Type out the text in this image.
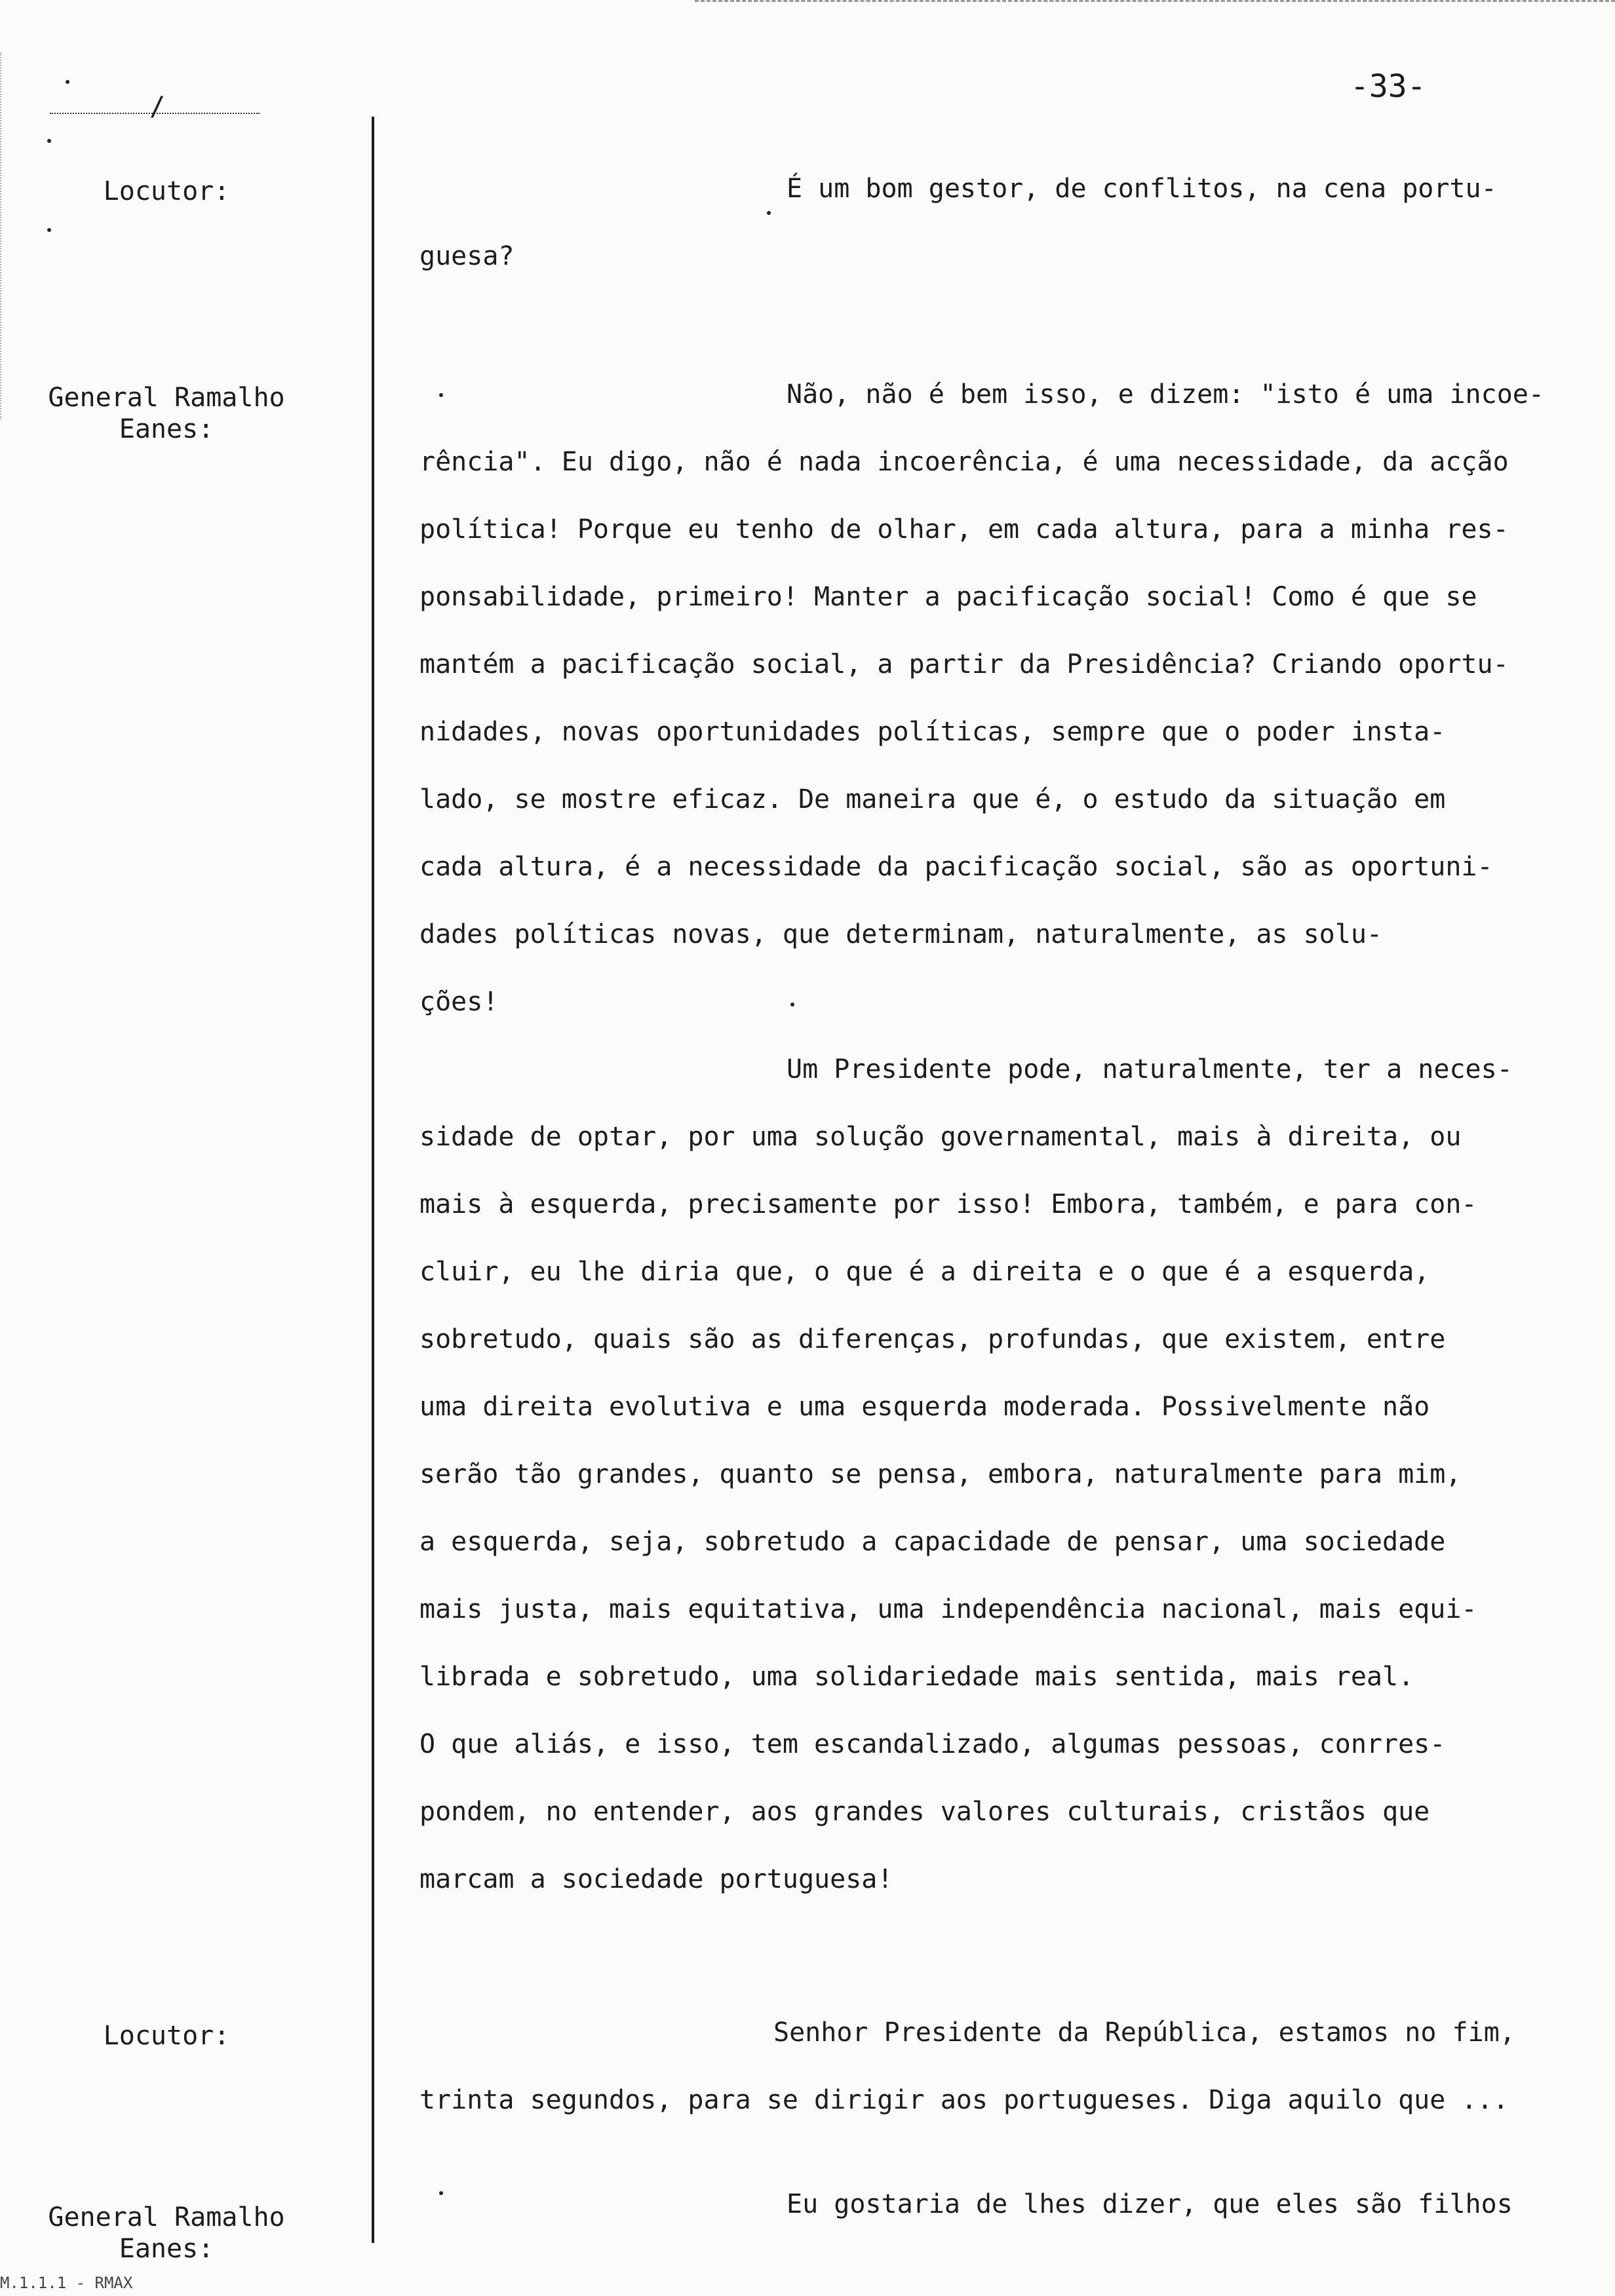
/
-33-
Locutor:
General Ramalho
Eanes:
Locutor:
General Ramalho
Eanes:

É um bom gestor, de conflitos, na cena portu-

guesa?

Não, não é bem isso, e dizem: "isto é uma incoe-

rência". Eu digo, não é nada incoerência, é uma necessidade, da acção

política! Porque eu tenho de olhar, em cada altura, para a minha res-

ponsabilidade, primeiro! Manter a pacificação social! Como é que se

mantém a pacificação social, a partir da Presidência? Criando oportu-

nidades, novas oportunidades políticas, sempre que o poder insta-

lado, se mostre eficaz. De maneira que é, o estudo da situação em

cada altura, é a necessidade da pacificação social, são as oportuni-

dades políticas novas, que determinam, naturalmente, as solu-

ções!

Um Presidente pode, naturalmente, ter a neces-

sidade de optar, por uma solução governamental, mais à direita, ou

mais à esquerda, precisamente por isso! Embora, também, e para con-

cluir, eu lhe diria que, o que é a direita e o que é a esquerda,

sobretudo, quais são as diferenças, profundas, que existem, entre

uma direita evolutiva e uma esquerda moderada. Possivelmente não

serão tão grandes, quanto se pensa, embora, naturalmente para mim,

a esquerda, seja, sobretudo a capacidade de pensar, uma sociedade

mais justa, mais equitativa, uma independência nacional, mais equi-

librada e sobretudo, uma solidariedade mais sentida, mais real.

O que aliás, e isso, tem escandalizado, algumas pessoas, conrres-

pondem, no entender, aos grandes valores culturais, cristãos que

marcam a sociedade portuguesa!

Senhor Presidente da República, estamos no fim,

trinta segundos, para se dirigir aos portugueses. Diga aquilo que ...

Eu gostaria de lhes dizer, que eles são filhos

M.1.1.1 - RMAX
